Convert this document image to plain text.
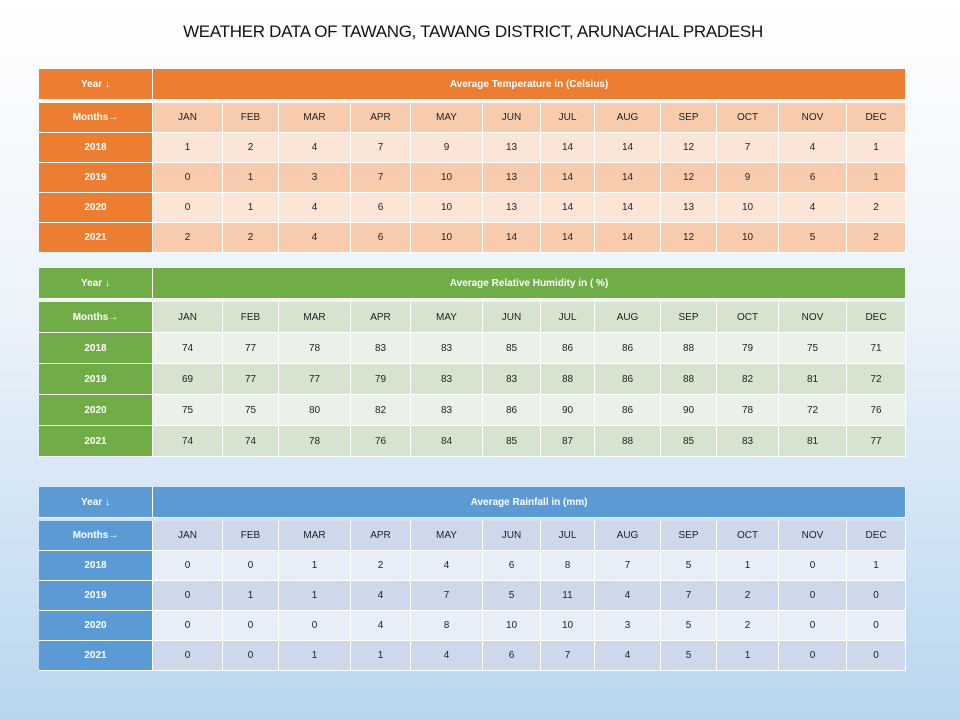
WEATHER DATA OF TAWANG, TAWANG DISTRICT, ARUNACHAL PRADESH
Year ↓	Average Temperature in (Celsius)											

Months→	JAN	FEB	MAR	APR	MAY	JUN	JUL	AUG	SEP	OCT	NOV	DEC
2018	1	2	4	7	9	13	14	14	12	7	4	1
2019	0	1	3	7	10	13	14	14	12	9	6	1
2020	0	1	4	6	10	13	14	14	13	10	4	2
2021	2	2	4	6	10	14	14	14	12	10	5	2
Year ↓	Average Relative Humidity in ( %)											

Months→	JAN	FEB	MAR	APR	MAY	JUN	JUL	AUG	SEP	OCT	NOV	DEC
2018	74	77	78	83	83	85	86	86	88	79	75	71
2019	69	77	77	79	83	83	88	86	88	82	81	72
2020	75	75	80	82	83	86	90	86	90	78	72	76
2021	74	74	78	76	84	85	87	88	85	83	81	77
Year ↓	Average Rainfall in (mm)											

Months→	JAN	FEB	MAR	APR	MAY	JUN	JUL	AUG	SEP	OCT	NOV	DEC
2018	0	0	1	2	4	6	8	7	5	1	0	1
2019	0	1	1	4	7	5	11	4	7	2	0	0
2020	0	0	0	4	8	10	10	3	5	2	0	0
2021	0	0	1	1	4	6	7	4	5	1	0	0
